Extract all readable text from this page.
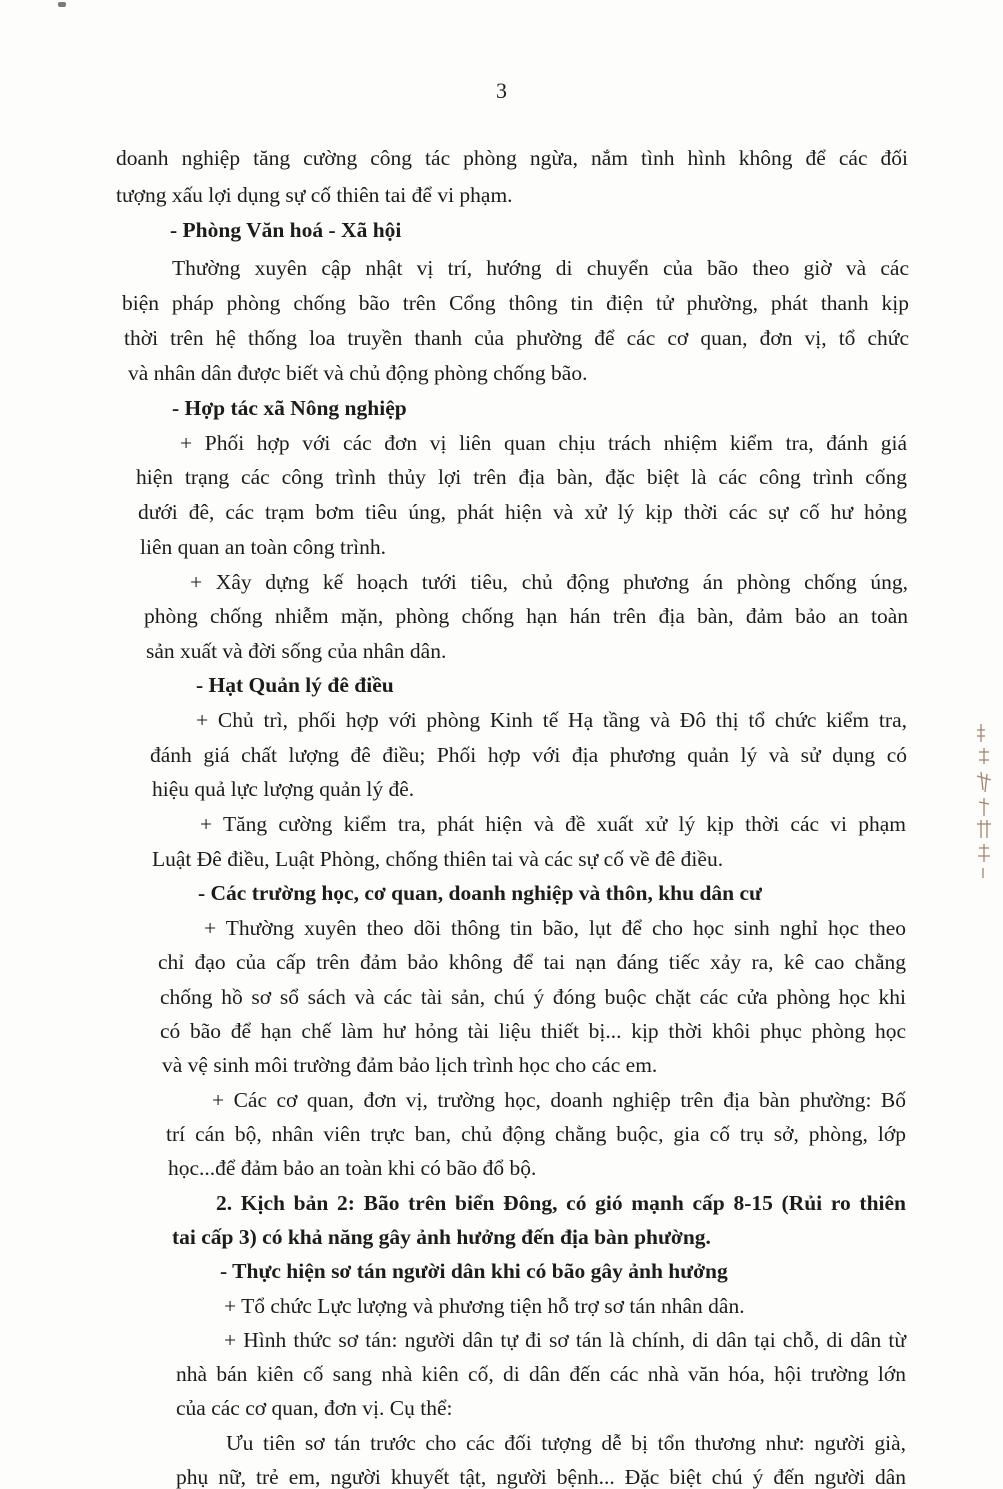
3
doanh nghiệp tăng cường công tác phòng ngừa, nắm tình hình không để các đối
tượng xấu lợi dụng sự cố thiên tai để vi phạm.
- Phòng Văn hoá - Xã hội
Thường xuyên cập nhật vị trí, hướng di chuyển của bão theo giờ và các
biện pháp phòng chống bão trên Cổng thông tin điện tử phường, phát thanh kịp
thời trên hệ thống loa truyền thanh của phường để các cơ quan, đơn vị, tổ chức
và nhân dân được biết và chủ động phòng chống bão.
- Hợp tác xã Nông nghiệp
+ Phối hợp với các đơn vị liên quan chịu trách nhiệm kiểm tra, đánh giá
hiện trạng các công trình thủy lợi trên địa bàn, đặc biệt là các công trình cống
dưới đê, các trạm bơm tiêu úng, phát hiện và xử lý kịp thời các sự cố hư hỏng
liên quan an toàn công trình.
+ Xây dựng kế hoạch tưới tiêu, chủ động phương án phòng chống úng,
phòng chống nhiễm mặn, phòng chống hạn hán trên địa bàn, đảm bảo an toàn
sản xuất và đời sống của nhân dân.
- Hạt Quản lý đê điều
+ Chủ trì, phối hợp với phòng Kinh tế Hạ tầng và Đô thị tổ chức kiểm tra,
đánh giá chất lượng đê điều; Phối hợp với địa phương quản lý và sử dụng có
hiệu quả lực lượng quản lý đê.
+ Tăng cường kiểm tra, phát hiện và đề xuất xử lý kịp thời các vi phạm
Luật Đê điều, Luật Phòng, chống thiên tai và các sự cố về đê điều.
- Các trường học, cơ quan, doanh nghiệp và thôn, khu dân cư
+ Thường xuyên theo dõi thông tin bão, lụt để cho học sinh nghỉ học theo
chỉ đạo của cấp trên đảm bảo không để tai nạn đáng tiếc xảy ra, kê cao chằng
chống hồ sơ sổ sách và các tài sản, chú ý đóng buộc chặt các cửa phòng học khi
có bão để hạn chế làm hư hỏng tài liệu thiết bị... kịp thời khôi phục phòng học
và vệ sinh môi trường đảm bảo lịch trình học cho các em.
+ Các cơ quan, đơn vị, trường học, doanh nghiệp trên địa bàn phường: Bố
trí cán bộ, nhân viên trực ban, chủ động chằng buộc, gia cố trụ sở, phòng, lớp
học...để đảm bảo an toàn khi có bão đổ bộ.
2. Kịch bản 2: Bão trên biển Đông, có gió mạnh cấp 8-15 (Rủi ro thiên
tai cấp 3) có khả năng gây ảnh hưởng đến địa bàn phường.
- Thực hiện sơ tán người dân khi có bão gây ảnh hưởng
+ Tổ chức Lực lượng và phương tiện hỗ trợ sơ tán nhân dân.
+ Hình thức sơ tán: người dân tự đi sơ tán là chính, di dân tại chỗ, di dân từ
nhà bán kiên cố sang nhà kiên cố, di dân đến các nhà văn hóa, hội trường lớn
của các cơ quan, đơn vị. Cụ thể:
Ưu tiên sơ tán trước cho các đối tượng dễ bị tổn thương như: người già,
phụ nữ, trẻ em, người khuyết tật, người bệnh... Đặc biệt chú ý đến người dân
